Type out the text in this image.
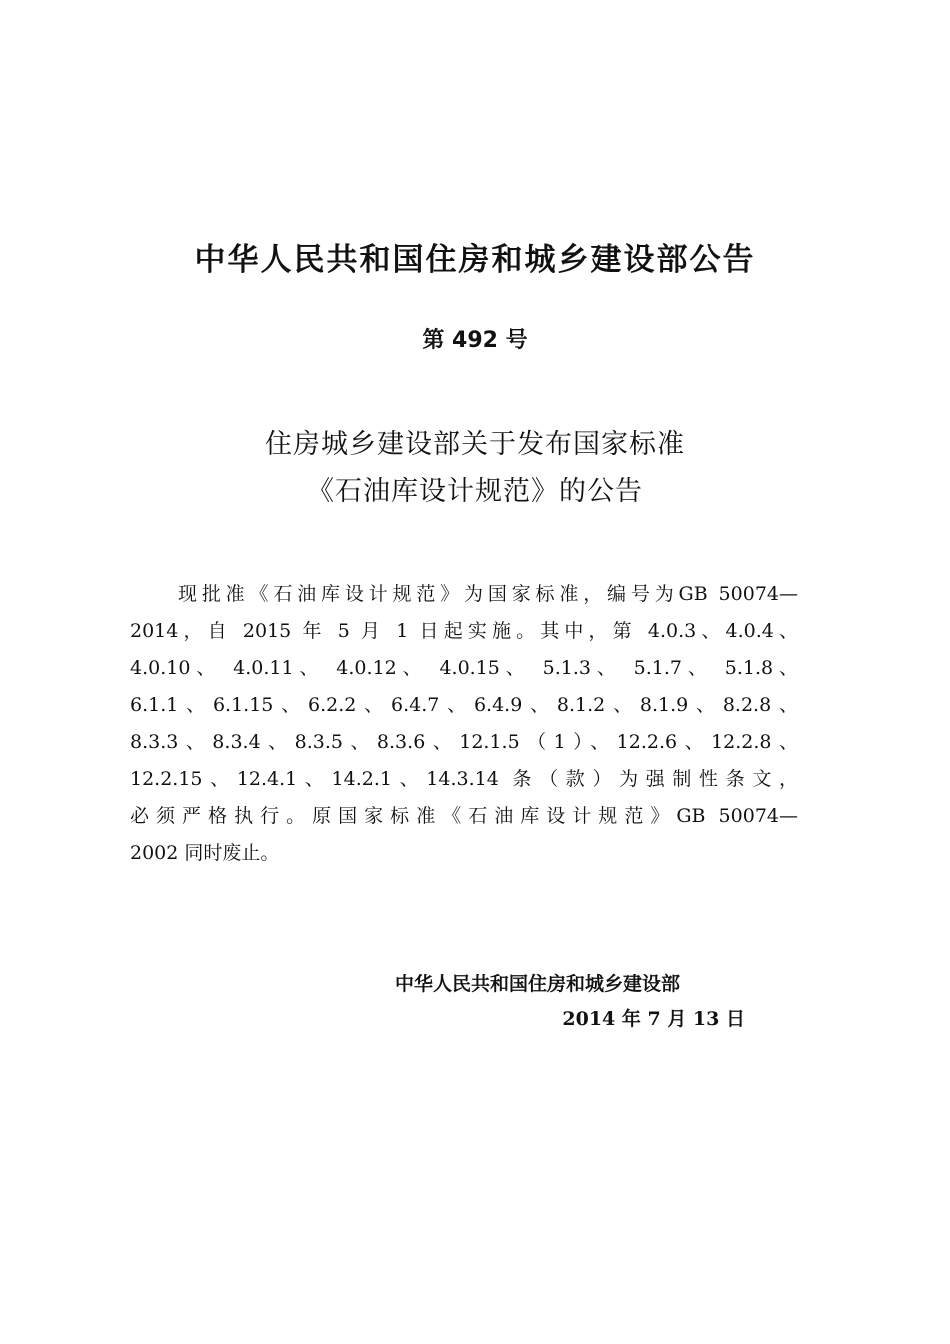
中华人民共和国住房和城乡建设部公告
第 492 号
住房城乡建设部关于发布国家标准
《石油库设计规范》的公告
现批准《石油库设计规范》为国家标准，编号为GB 50074—
2014，自 2015 年 5 月 1 日起实施。其中，第 4.0.3、4.0.4、
4.0.10、 4.0.11、 4.0.12、 4.0.15、 5.1.3、 5.1.7、 5.1.8、
6.1.1、6.1.15、6.2.2、6.4.7、6.4.9、8.1.2、8.1.9、8.2.8、
8.3.3、8.3.4、8.3.5、8.3.6、12.1.5（1）、12.2.6、12.2.8、
12.2.15、12.4.1、14.2.1、14.3.14 条（款）为强制性条文，
必须严格执行。原国家标准《石油库设计规范》GB 50074—
2002 同时废止。
中华人民共和国住房和城乡建设部
2014 年 7 月 13 日
